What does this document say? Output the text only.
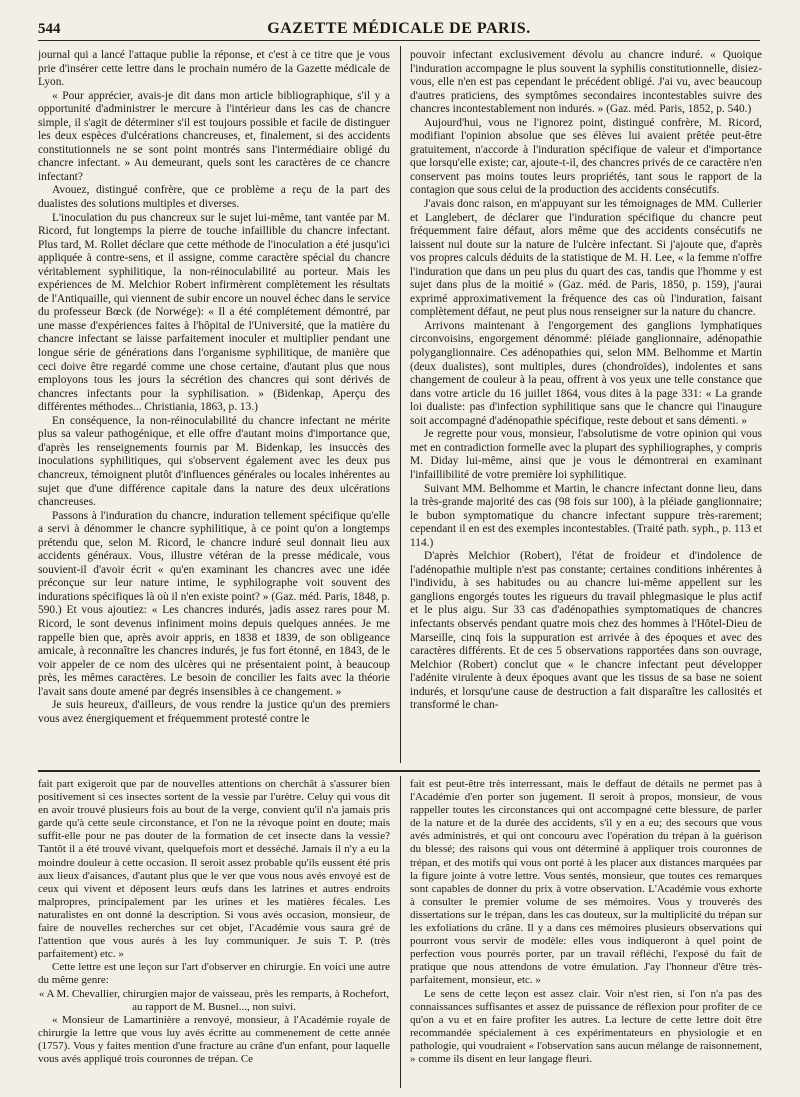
544	GAZETTE MÉDICALE DE PARIS.

journal qui a lancé l'attaque publie la réponse, et c'est à ce titre que je vous prie d'insérer cette lettre dans le prochain numéro de la Gazette médicale de Lyon.

« Pour apprécier, avais-je dit dans mon article bibliographique, s'il y a opportunité d'administrer le mercure à l'intérieur dans les cas de chancre simple, il s'agit de déterminer s'il est toujours possible et facile de distinguer les deux espèces d'ulcérations chancreuses, et, finalement, si des accidents constitutionnels ne se sont point montrés sans l'intermédiaire obligé du chancre infectant. » Au demeurant, quels sont les caractères de ce chancre infectant?

Avouez, distingué confrère, que ce problème a reçu de la part des dualistes des solutions multiples et diverses.

L'inoculation du pus chancreux sur le sujet lui-même, tant vantée par M. Ricord, fut longtemps la pierre de touche infaillible du chancre infectant. Plus tard, M. Rollet déclare que cette méthode de l'inoculation a été jusqu'ici appliquée à contre-sens, et il assigne, comme caractère spécial du chancre véritablement syphilitique, la non-réinoculabilité au porteur. Mais les expériences de M. Melchior Robert infirmèrent complètement les résultats de l'Antiquaille, qui viennent de subir encore un nouvel échec dans le service du professeur Bœck (de Norwége): « Il a été complétement démontré, par une masse d'expériences faites à l'hôpital de l'Université, que la matière du chancre infectant se laisse parfaitement inoculer et multiplier pendant une longue série de générations dans l'organisme syphilitique, de manière que ceci doive être regardé comme une chose certaine, d'autant plus que nous employons tous les jours la sécrétion des chancres qui sont dérivés de chancres infectants pour la syphilisation. » (Bidenkap, Aperçu des différentes méthodes... Christiania, 1863, p. 13.)

En conséquence, la non-réinoculabilité du chancre infectant ne mérite plus sa valeur pathogénique, et elle offre d'autant moins d'importance que, d'après les renseignements fournis par M. Bidenkap, les insuccès des inoculations syphilitiques, qui s'observent également avec les deux pus chancreux, témoignent plutôt d'influences générales ou locales inhérentes au sujet que d'une différence capitale dans la nature des deux ulcérations chancreuses.

Passons à l'induration du chancre, induration tellement spécifique qu'elle a servi à dénommer le chancre syphilitique, à ce point qu'on a longtemps prétendu que, selon M. Ricord, le chancre induré seul donnait lieu aux accidents généraux. Vous, illustre vétéran de la presse médicale, vous souvient-il d'avoir écrit « qu'en examinant les chancres avec une idée préconçue sur leur nature intime, le syphilographe voit souvent des indurations spécifiques là où il n'en existe point? » (Gaz. méd. Paris, 1848, p. 590.) Et vous ajoutiez: « Les chancres indurés, jadis assez rares pour M. Ricord, le sont devenus infiniment moins depuis quelques années. Je me rappelle bien que, après avoir appris, en 1838 et 1839, de son obligeance amicale, à reconnaître les chancres indurés, je fus fort étonné, en 1843, de le voir appeler de ce nom des ulcères qui ne présentaient point, à beaucoup près, les mêmes caractères. Le besoin de concilier les faits avec la théorie l'avait sans doute amené par degrés insensibles à ce changement. »

Je suis heureux, d'ailleurs, de vous rendre la justice qu'un des premiers vous avez énergiquement et fréquemment protesté contre le

pouvoir infectant exclusivement dévolu au chancre induré. « Quoique l'induration accompagne le plus souvent la syphilis constitutionnelle, disiez-vous, elle n'en est pas cependant le précédent obligé. J'ai vu, avec beaucoup d'autres praticiens, des symptômes secondaires incontestables suivre des chancres incontestablement non indurés. » (Gaz. méd. Paris, 1852, p. 540.)

Aujourd'hui, vous ne l'ignorez point, distingué confrère, M. Ricord, modifiant l'opinion absolue que ses élèves lui avaient prêtée peut-être gratuitement, n'accorde à l'induration spécifique de valeur et d'importance que lorsqu'elle existe; car, ajoute-t-il, des chancres privés de ce caractère n'en conservent pas moins toutes leurs propriétés, tant sous le rapport de la contagion que sous celui de la production des accidents consécutifs.

J'avais donc raison, en m'appuyant sur les témoignages de MM. Cullerier et Langlebert, de déclarer que l'induration spécifique du chancre peut fréquemment faire défaut, alors même que des accidents consécutifs ne laissent nul doute sur la nature de l'ulcère infectant. Si j'ajoute que, d'après vos propres calculs déduits de la statistique de M. H. Lee, « la femme n'offre l'induration que dans un peu plus du quart des cas, tandis que l'homme y est sujet dans plus de la moitié » (Gaz. méd. de Paris, 1850, p. 159), j'aurai exprimé approximativement la fréquence des cas où l'induration, faisant complètement défaut, ne peut plus nous renseigner sur la nature du chancre.

Arrivons maintenant à l'engorgement des ganglions lymphatiques circonvoisins, engorgement dénommé: pléiade ganglionnaire, adénopathie polyganglionnaire. Ces adénopathies qui, selon MM. Belhomme et Martin (deux dualistes), sont multiples, dures (chondroïdes), indolentes et sans changement de couleur à la peau, offrent à vos yeux une telle constance que dans votre article du 16 juillet 1864, vous dites à la page 331: « La grande loi dualiste: pas d'infection syphilitique sans que le chancre qui l'inaugure soit accompagné d'adénopathie spécifique, reste debout et sans démenti. »

Je regrette pour vous, monsieur, l'absolutisme de votre opinion qui vous met en contradiction formelle avec la plupart des syphiliographes, y compris M. Diday lui-même, ainsi que je vous le démontrerai en examinant l'infaillibilité de votre première loi syphilitique.

Suivant MM. Belhomme et Martin, le chancre infectant donne lieu, dans la très-grande majorité des cas (98 fois sur 100), à la pléiade ganglionnaire; le bubon symptomatique du chancre infectant suppure très-rarement; cependant il en est des exemples incontestables. (Traité path. syph., p. 113 et 114.)

D'après Melchior (Robert), l'état de froideur et d'indolence de l'adénopathie multiple n'est pas constante; certaines conditions inhérentes à l'individu, à ses habitudes ou au chancre lui-même appellent sur les ganglions engorgés toutes les rigueurs du travail phlegmasique le plus actif et le plus aigu. Sur 33 cas d'adénopathies symptomatiques de chancres infectants observés pendant quatre mois chez des hommes à l'Hôtel-Dieu de Marseille, cinq fois la suppuration est arrivée à des époques et avec des caractères différents. Et de ces 5 observations rapportées dans son ouvrage, Melchior (Robert) conclut que « le chancre infectant peut développer l'adénite virulente à deux époques avant que les tissus de sa base ne soient indurés, et lorsqu'une cause de destruction a fait disparaître les callosités et transformé le chan-

fait part exigeroit que par de nouvelles attentions on cherchât à s'assurer bien positivement si ces insectes sortent de la vessie par l'urètre. Celuy qui vous dit en avoir trouvé plusieurs fois au bout de la verge, convient qu'il n'a jamais pris garde qu'à cette seule circonstance, et l'on ne la révoque point en doute; mais suffit-elle pour ne pas douter de la formation de cet insecte dans la vessie? Tantôt il a été trouvé vivant, quelquefois mort et desséché. Jamais il n'y a eu la moindre douleur à cette occasion. Il seroit assez probable qu'ils eussent été pris aux lieux d'aisances, d'autant plus que le ver que vous nous avés envoyé est de ceux qui vivent et déposent leurs œufs dans les latrines et autres endroits malpropres, principalement par les urines et les matières fécales. Les naturalistes en ont donné la description. Si vous avés occasion, monsieur, de faire de nouvelles recherches sur cet objet, l'Académie vous saura gré de l'attention que vous aurés à les luy communiquer. Je suis T. P. (très parfaitement) etc. »

Cette lettre est une leçon sur l'art d'observer en chirurgie. En voici une autre du même genre:

« A M. Chevallier, chirurgien major de vaisseau, près les remparts, à Rochefort, au rapport de M. Busnel..., non suivi.

« Monsieur de Lamartinière a renvoyé, monsieur, à l'Académie royale de chirurgie la lettre que vous luy avés écritte au commenement de cette année (1757). Vous y faites mention d'une fracture au crâne d'un enfant, pour laquelle vous avés appliqué trois couronnes de trépan. Ce

fait est peut-être très interressant, mais le deffaut de détails ne permet pas à l'Académie d'en porter son jugement. Il seroit à propos, monsieur, de vous rappeller toutes les circonstances qui ont accompagné cette blessure, de parler de la nature et de la durée des accidents, s'il y en a eu; des secours que vous avés administrés, et qui ont concouru avec l'opération du trépan à la guérison du blessé; des raisons qui vous ont déterminé à appliquer trois couronnes de trépan, et des motifs qui vous ont porté à les placer aux distances marquées par la figure jointe à votre lettre. Vous sentés, monsieur, que toutes ces remarques sont capables de donner du prix à votre observation. L'Académie vous exhorte à consulter le premier volume de ses mémoires. Vous y trouverés des dissertations sur le trépan, dans les cas douteux, sur la multiplicité du trépan sur les exfoliations du crâne. Il y a dans ces mémoires plusieurs observations qui pourront vous servir de modèle: elles vous indiqueront à quel point de perfection vous pourrés porter, par un travail réfléchi, l'exposé du fait de pratique que nous attendons de votre émulation. J'ay l'honneur d'être très-parfaitement, monsieur, etc. »

Le sens de cette leçon est assez clair. Voir n'est rien, si l'on n'a pas des connaissances suffisantes et assez de puissance de réflexion pour profiter de ce qu'on a vu et en faire profiter les autres. La lecture de cette lettre doit être recommandée spécialement à ces expérimentateurs en physiologie et en pathologie, qui voudraient « l'observation sans aucun mélange de raisonnement, » comme ils disent en leur langage fleuri.
